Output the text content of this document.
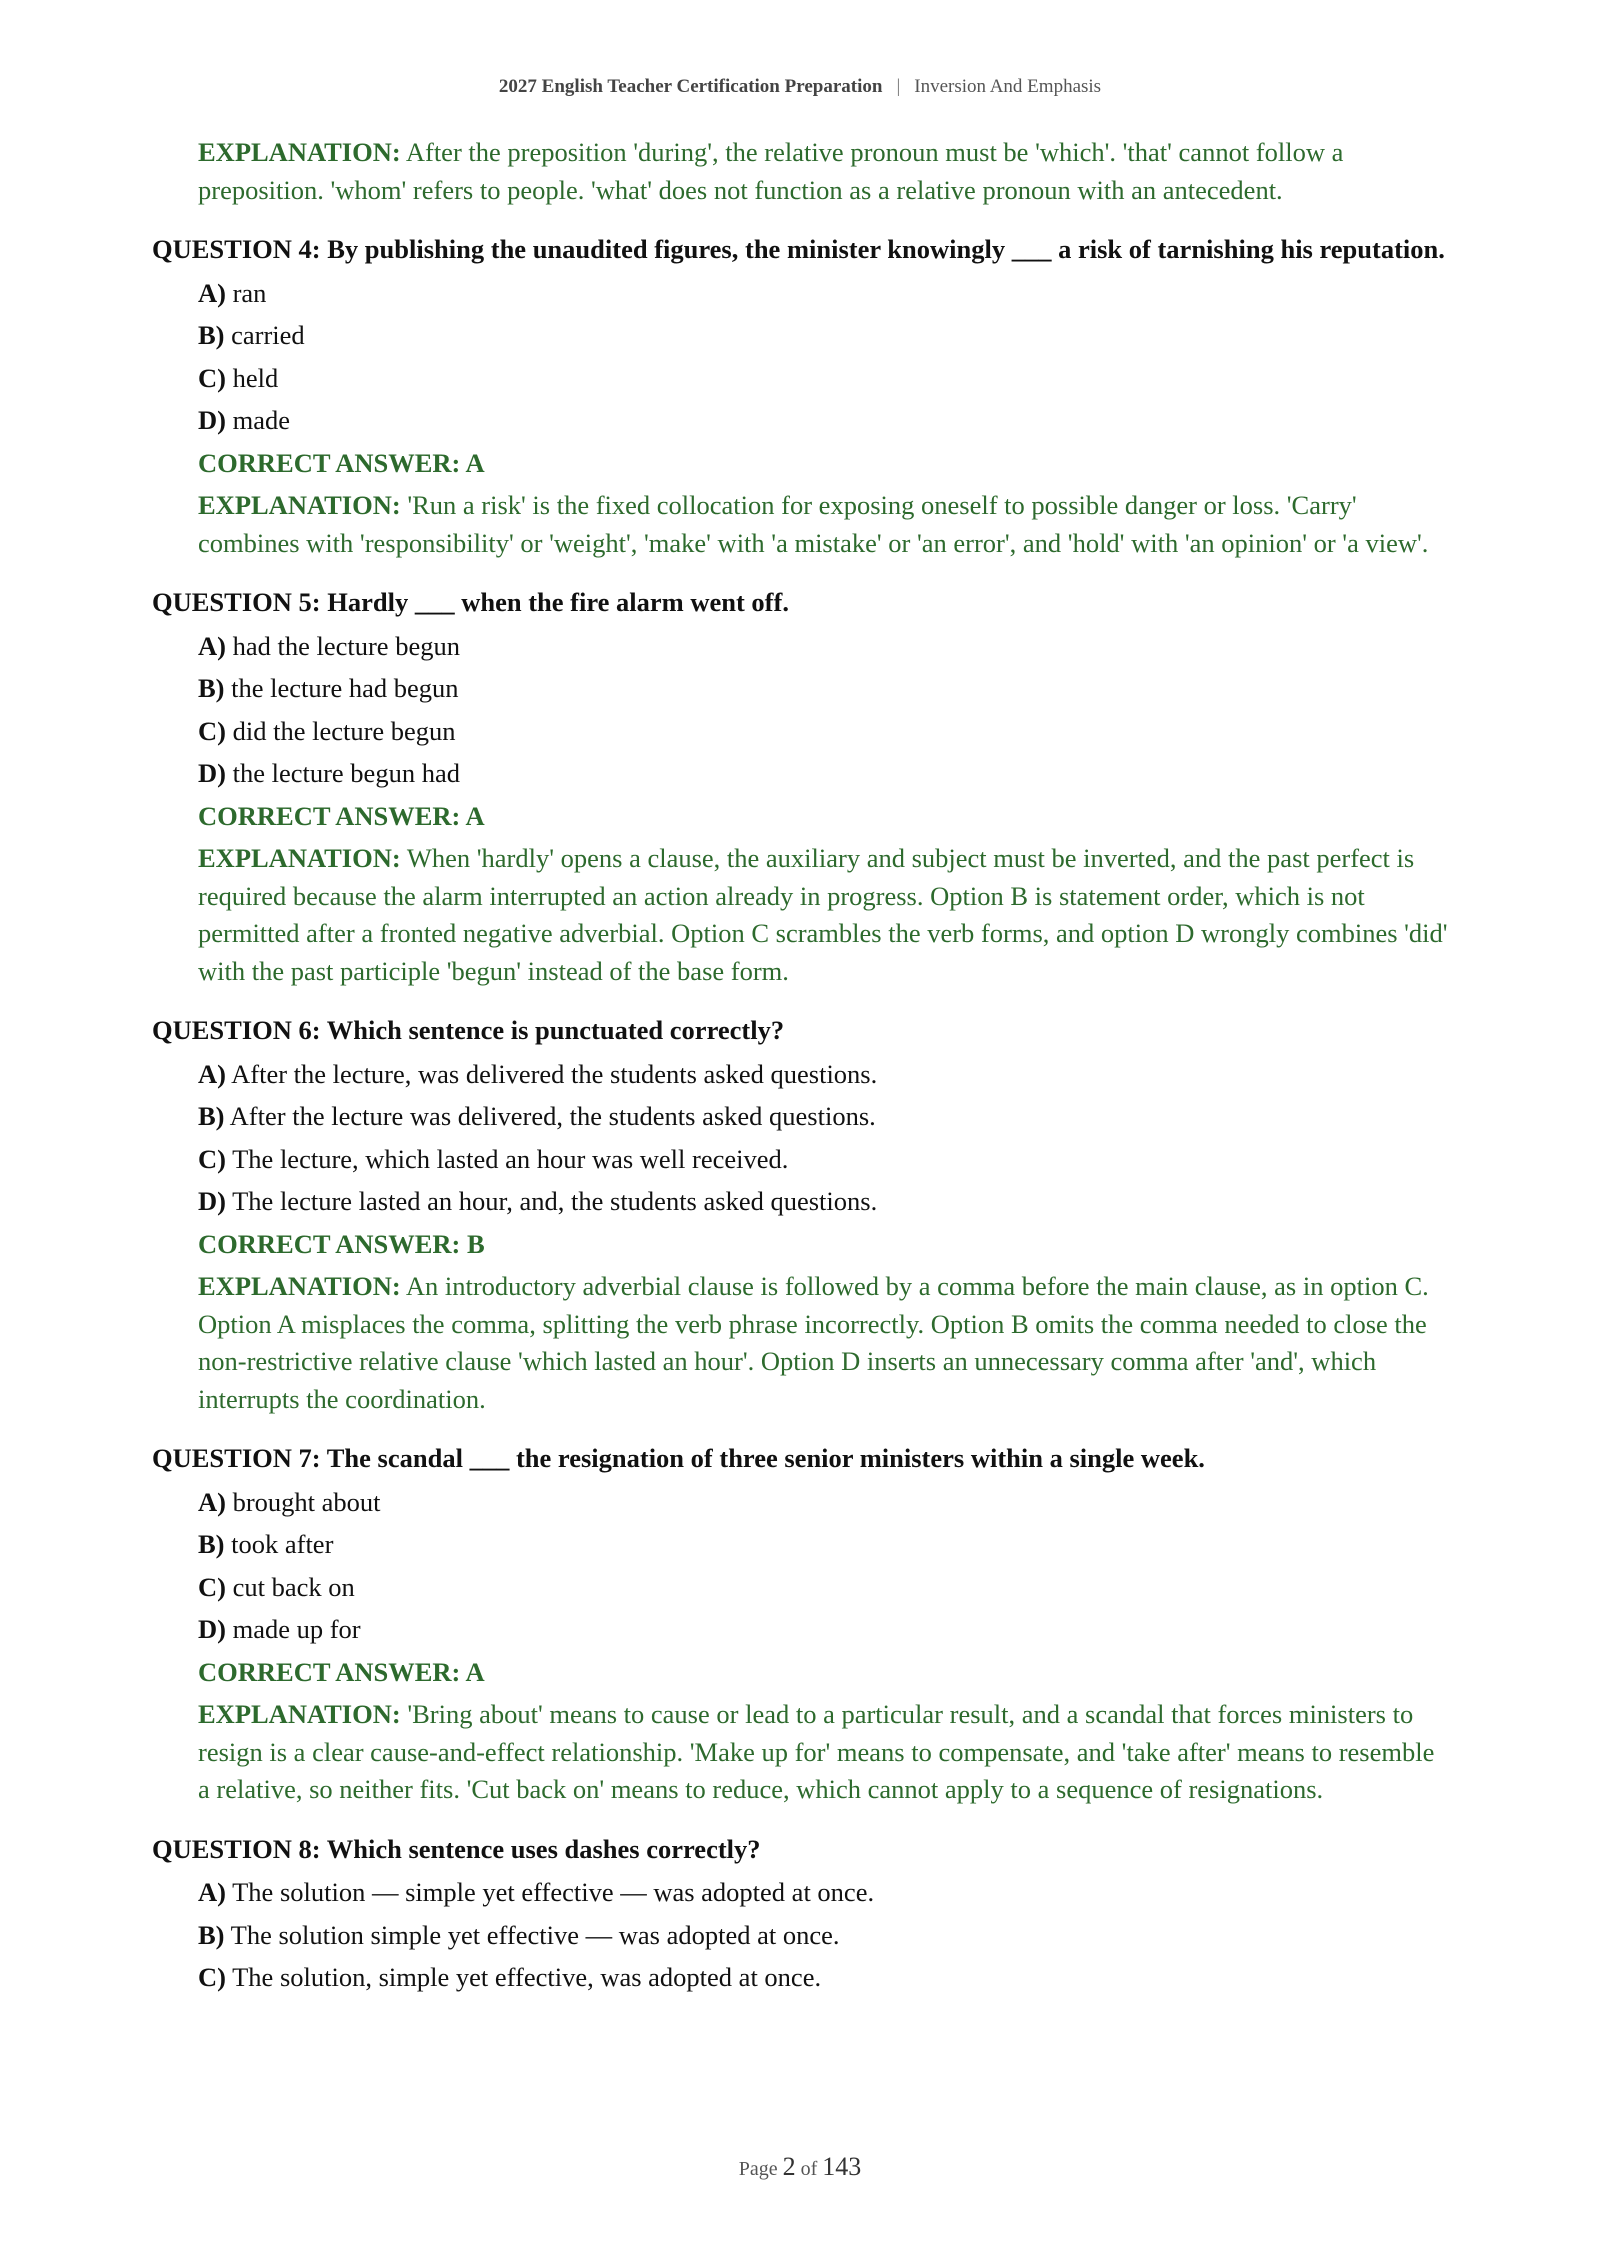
2027 English Teacher Certification Preparation | Inversion And Emphasis
EXPLANATION: After the preposition 'during', the relative pronoun must be 'which'. 'that' cannot follow a preposition. 'whom' refers to people. 'what' does not function as a relative pronoun with an antecedent.
QUESTION 4: By publishing the unaudited figures, the minister knowingly ___ a risk of tarnishing his reputation.
A) ran
B) carried
C) held
D) made
CORRECT ANSWER: A
EXPLANATION: 'Run a risk' is the fixed collocation for exposing oneself to possible danger or loss. 'Carry' combines with 'responsibility' or 'weight', 'make' with 'a mistake' or 'an error', and 'hold' with 'an opinion' or 'a view'.
QUESTION 5: Hardly ___ when the fire alarm went off.
A) had the lecture begun
B) the lecture had begun
C) did the lecture begun
D) the lecture begun had
CORRECT ANSWER: A
EXPLANATION: When 'hardly' opens a clause, the auxiliary and subject must be inverted, and the past perfect is required because the alarm interrupted an action already in progress. Option B is statement order, which is not permitted after a fronted negative adverbial. Option C scrambles the verb forms, and option D wrongly combines 'did' with the past participle 'begun' instead of the base form.
QUESTION 6: Which sentence is punctuated correctly?
A) After the lecture, was delivered the students asked questions.
B) After the lecture was delivered, the students asked questions.
C) The lecture, which lasted an hour was well received.
D) The lecture lasted an hour, and, the students asked questions.
CORRECT ANSWER: B
EXPLANATION: An introductory adverbial clause is followed by a comma before the main clause, as in option C. Option A misplaces the comma, splitting the verb phrase incorrectly. Option B omits the comma needed to close the non-restrictive relative clause 'which lasted an hour'. Option D inserts an unnecessary comma after 'and', which interrupts the coordination.
QUESTION 7: The scandal ___ the resignation of three senior ministers within a single week.
A) brought about
B) took after
C) cut back on
D) made up for
CORRECT ANSWER: A
EXPLANATION: 'Bring about' means to cause or lead to a particular result, and a scandal that forces ministers to resign is a clear cause-and-effect relationship. 'Make up for' means to compensate, and 'take after' means to resemble a relative, so neither fits. 'Cut back on' means to reduce, which cannot apply to a sequence of resignations.
QUESTION 8: Which sentence uses dashes correctly?
A) The solution — simple yet effective — was adopted at once.
B) The solution simple yet effective — was adopted at once.
C) The solution, simple yet effective, was adopted at once.
Page 2 of 143
